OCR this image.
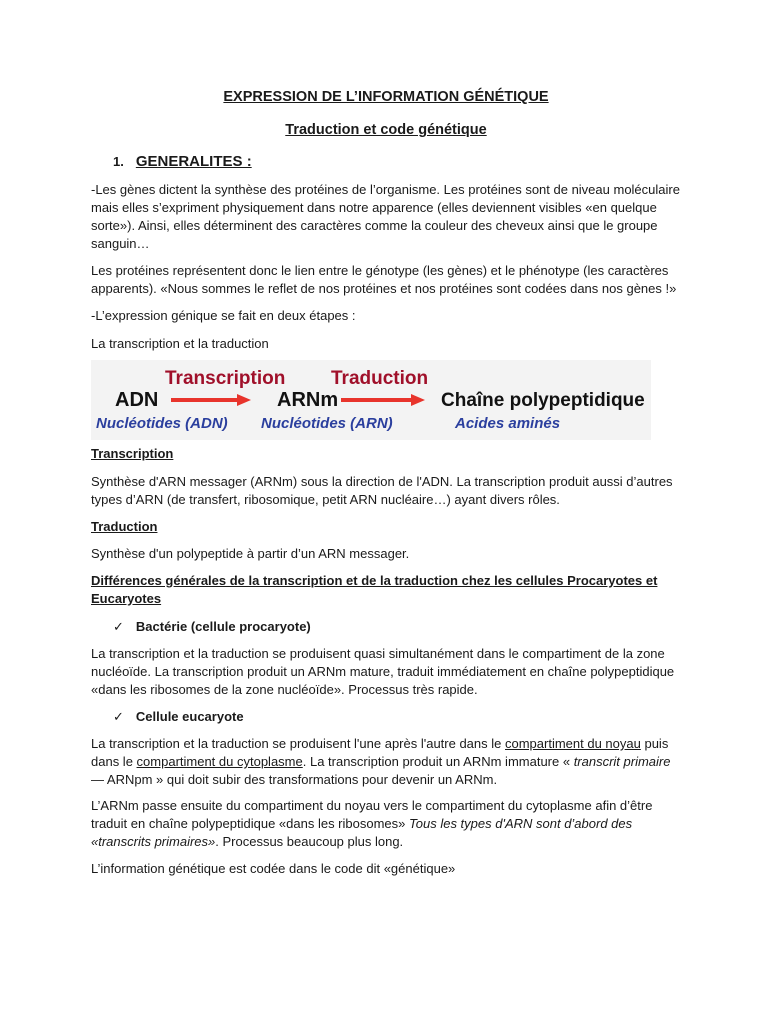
EXPRESSION DE L’INFORMATION GÉNÉTIQUE
Traduction et code génétique
1. GENERALITES :

-Les gènes dictent la synthèse des protéines de l’organisme. Les protéines sont de niveau moléculaire mais elles s’expriment physiquement dans notre apparence (elles deviennent visibles «en quelque sorte»). Ainsi, elles déterminent des caractères comme la couleur des cheveux ainsi que le groupe sanguin…

Les protéines représentent donc le lien entre le génotype (les gènes) et le phénotype (les caractères apparents). «Nous sommes le reflet de nos protéines et nos protéines sont codées dans nos gènes !»

-L’expression génique se fait en deux étapes :

La transcription et la traduction

ADN
Transcription
ARNm
Traduction
Chaîne polypeptidique
Nucléotides (ADN) Nucléotides (ARN)	Acides aminés

Transcription

Synthèse d'ARN messager (ARNm) sous la direction de l'ADN. La transcription produit aussi d’autres types d’ARN (de transfert, ribosomique, petit ARN nucléaire…) ayant divers rôles.

Traduction

Synthèse d'un polypeptide à partir d’un ARN messager.

Différences générales de la transcription et de la traduction chez les cellules Procaryotes et Eucaryotes

✓ Bactérie (cellule procaryote)

La transcription et la traduction se produisent quasi simultanément dans le compartiment de la zone nucléoïde. La transcription produit un ARNm mature, traduit immédiatement en chaîne polypeptidique «dans les ribosomes de la zone nucléoïde». Processus très rapide.

✓ Cellule eucaryote

La transcription et la traduction se produisent l'une après l'autre dans le compartiment du noyau puis dans le compartiment du cytoplasme. La transcription produit un ARNm immature « transcrit primaire — ARNpm » qui doit subir des transformations pour devenir un ARNm.

L’ARNm passe ensuite du compartiment du noyau vers le compartiment du cytoplasme afin d’être traduit en chaîne polypeptidique «dans les ribosomes» Tous les types d'ARN sont d’abord des «transcrits primaires». Processus beaucoup plus long.

L’information génétique est codée dans le code dit «génétique»
